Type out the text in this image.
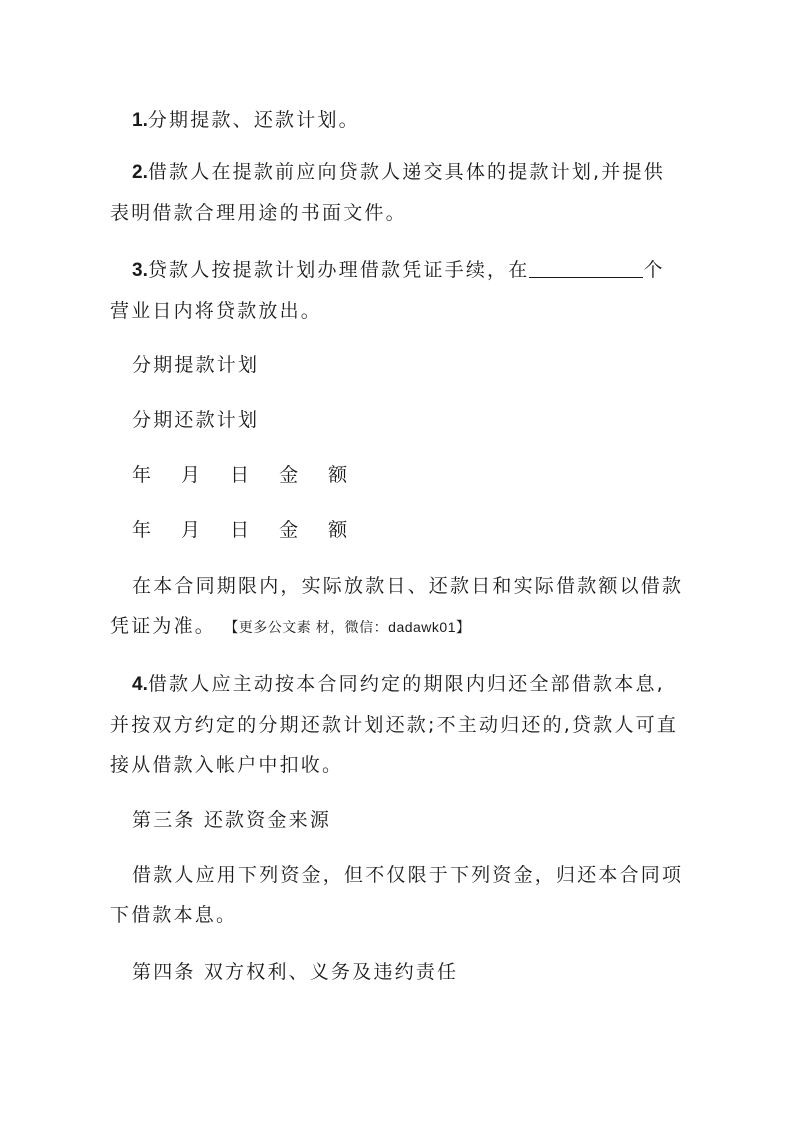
1.分期提款、还款计划。

2.借款人在提款前应向贷款人递交具体的提款计划,并提供表明借款合理用途的书面文件。

3.贷款人按提款计划办理借款凭证手续，在	个营业日内将贷款放出。

分期提款计划

分期还款计划

年 月 日 金 额

年 月 日 金 额

在本合同期限内，实际放款日、还款日和实际借款额以借款凭证为准。 【更多公文素 材，微信：dadawk01】

4.借款人应主动按本合同约定的期限内归还全部借款本息,并按双方约定的分期还款计划还款;不主动归还的,贷款人可直接从借款入帐户中扣收。

第三条 还款资金来源

借款人应用下列资金，但不仅限于下列资金，归还本合同项下借款本息。

第四条 双方权利、义务及违约责任
